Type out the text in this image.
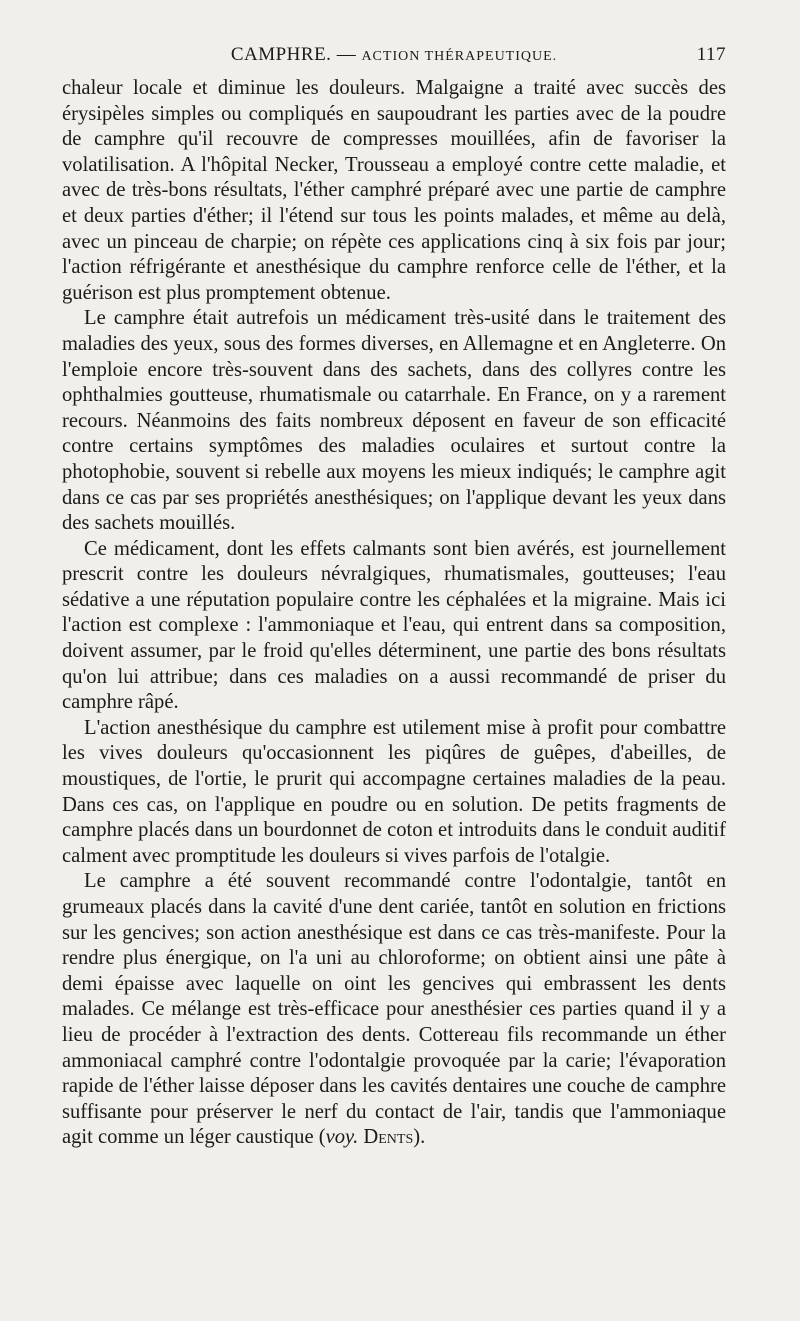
CAMPHRE. — ACTION THÉRAPEUTIQUE.	117

chaleur locale et diminue les douleurs. Malgaigne a traité avec succès des érysipèles simples ou compliqués en saupoudrant les parties avec de la poudre de camphre qu'il recouvre de compresses mouillées, afin de favoriser la volatilisation. A l'hôpital Necker, Trousseau a employé contre cette maladie, et avec de très-bons résultats, l'éther camphré préparé avec une partie de camphre et deux parties d'éther; il l'étend sur tous les points malades, et même au delà, avec un pinceau de charpie; on répète ces applications cinq à six fois par jour; l'action réfrigérante et anesthésique du camphre renforce celle de l'éther, et la guérison est plus promptement obtenue.

Le camphre était autrefois un médicament très-usité dans le traitement des maladies des yeux, sous des formes diverses, en Allemagne et en Angleterre. On l'emploie encore très-souvent dans des sachets, dans des collyres contre les ophthalmies goutteuse, rhumatismale ou catarrhale. En France, on y a rarement recours. Néanmoins des faits nombreux déposent en faveur de son efficacité contre certains symptômes des maladies oculaires et surtout contre la photophobie, souvent si rebelle aux moyens les mieux indiqués; le camphre agit dans ce cas par ses propriétés anesthésiques; on l'applique devant les yeux dans des sachets mouillés.

Ce médicament, dont les effets calmants sont bien avérés, est journellement prescrit contre les douleurs névralgiques, rhumatismales, goutteuses; l'eau sédative a une réputation populaire contre les céphalées et la migraine. Mais ici l'action est complexe : l'ammoniaque et l'eau, qui entrent dans sa composition, doivent assumer, par le froid qu'elles déterminent, une partie des bons résultats qu'on lui attribue; dans ces maladies on a aussi recommandé de priser du camphre râpé.

L'action anesthésique du camphre est utilement mise à profit pour combattre les vives douleurs qu'occasionnent les piqûres de guêpes, d'abeilles, de moustiques, de l'ortie, le prurit qui accompagne certaines maladies de la peau. Dans ces cas, on l'applique en poudre ou en solution. De petits fragments de camphre placés dans un bourdonnet de coton et introduits dans le conduit auditif calment avec promptitude les douleurs si vives parfois de l'otalgie.

Le camphre a été souvent recommandé contre l'odontalgie, tantôt en grumeaux placés dans la cavité d'une dent cariée, tantôt en solution en frictions sur les gencives; son action anesthésique est dans ce cas très-manifeste. Pour la rendre plus énergique, on l'a uni au chloroforme; on obtient ainsi une pâte à demi épaisse avec laquelle on oint les gencives qui embrassent les dents malades. Ce mélange est très-efficace pour anesthésier ces parties quand il y a lieu de procéder à l'extraction des dents. Cottereau fils recommande un éther ammoniacal camphré contre l'odontalgie provoquée par la carie; l'évaporation rapide de l'éther laisse déposer dans les cavités dentaires une couche de camphre suffisante pour préserver le nerf du contact de l'air, tandis que l'ammoniaque agit comme un léger caustique (voy. Dents).
